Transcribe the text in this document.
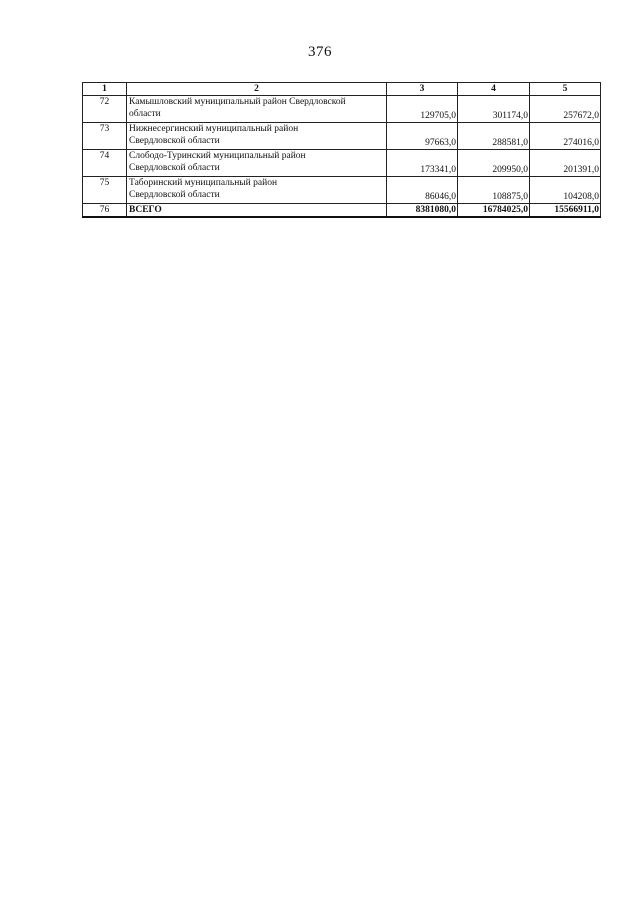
376
1	2	3	4	5
72	Камышловский муниципальный район Свердловской
области	129705,0	301174,0	257672,0
73	Нижнесергинский муниципальный район
Свердловской области	97663,0	288581,0	274016,0
74	Слободо-Туринский муниципальный район
Свердловской области	173341,0	209950,0	201391,0
75	Таборинский муниципальный район
Свердловской области	86046,0	108875,0	104208,0
76	ВСЕГО	8381080,0	16784025,0	15566911,0
